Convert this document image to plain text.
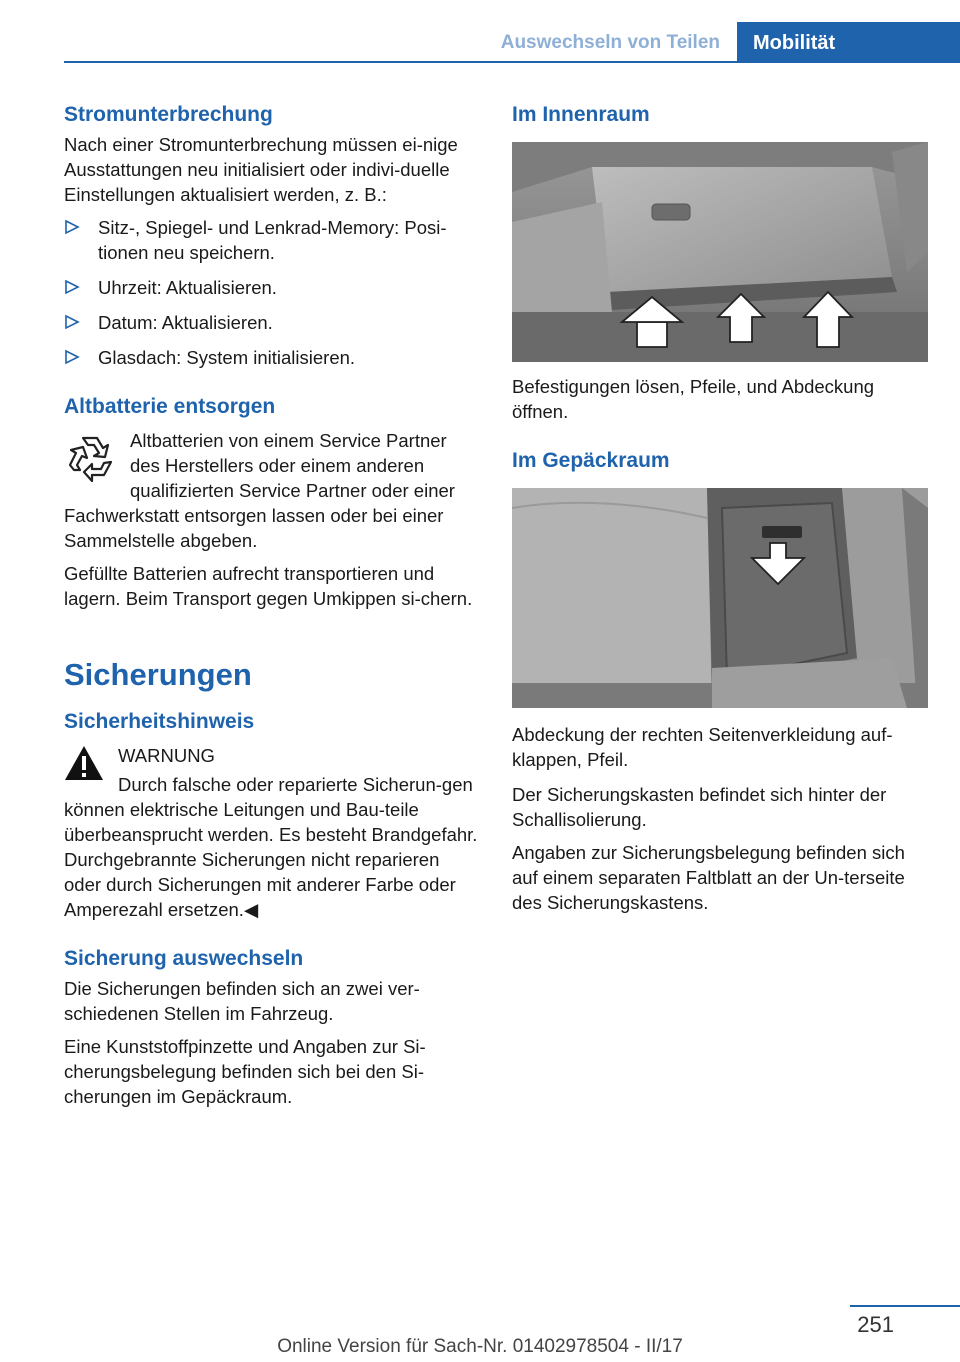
Auswechseln von Teilen	Mobilität
Stromunterbrechung

Nach einer Stromunterbrechung müssen ei-nige Ausstattungen neu initialisiert oder indivi-duelle Einstellungen aktualisiert werden, z. B.:

Sitz-, Spiegel- und Lenkrad-Memory: Posi-tionen neu speichern.
Uhrzeit: Aktualisieren.
Datum: Aktualisieren.
Glasdach: System initialisieren.
Altbatterie entsorgen

Altbatterien von einem Service Partner des Herstellers oder einem anderen qualifizierten Service Partner oder einer Fachwerkstatt entsorgen lassen oder bei einer Sammelstelle abgeben.

Gefüllte Batterien aufrecht transportieren und lagern. Beim Transport gegen Umkippen si-chern.

Sicherungen
Sicherheitshinweis

WARNUNG

Durch falsche oder reparierte Sicherun-gen können elektrische Leitungen und Bau-teile überbeansprucht werden. Es besteht Brandgefahr. Durchgebrannte Sicherungen nicht reparieren oder durch Sicherungen mit anderer Farbe oder Amperezahl ersetzen.◀

Sicherung auswechseln

Die Sicherungen befinden sich an zwei ver-schiedenen Stellen im Fahrzeug.

Eine Kunststoffpinzette und Angaben zur Si-cherungsbelegung befinden sich bei den Si-cherungen im Gepäckraum.

Im Innenraum

Befestigungen lösen, Pfeile, und Abdeckung öffnen.

Im Gepäckraum

Abdeckung der rechten Seitenverkleidung auf-klappen, Pfeil.

Der Sicherungskasten befindet sich hinter der Schallisolierung.

Angaben zur Sicherungsbelegung befinden sich auf einem separaten Faltblatt an der Un-terseite des Sicherungskastens.

251
Online Version für Sach-Nr. 01402978504 - II/17
